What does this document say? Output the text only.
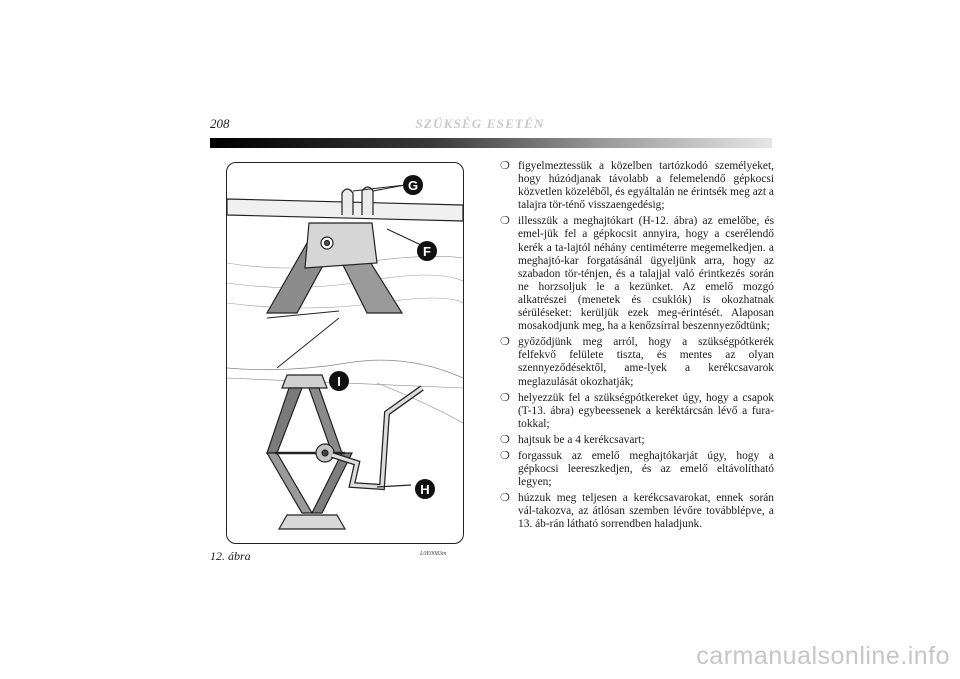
208	SZÜKSÉG ESETÉN
G
F
I
H
12. ábra	L0E0083m
❍ figyelmeztessük a közelben tartózkodó személyeket, hogy húzódjanak távolabb a felemelendő gépkocsi közvetlen közeléből, és egyáltalán ne érintsék meg azt a talajra tör-ténő visszaengedésig;
❍ illesszük a meghajtókart (H-12. ábra) az emelőbe, és emel-jük fel a gépkocsit annyira, hogy a cserélendő kerék a ta-lajtól néhány centiméterre megemelkedjen. a meghajtó-kar forgatásánál ügyeljünk arra, hogy az szabadon tör-ténjen, és a talajjal való érintkezés során ne horzsoljuk le a kezünket. Az emelő mozgó alkatrészei (menetek és csuklók) is okozhatnak sérüléseket: kerüljük ezek meg-érintését. Alaposan mosakodjunk meg, ha a kenőzsírral beszennyeződtünk;
❍ győződjünk meg arról, hogy a szükségpótkerék felfekvő felülete tiszta, és mentes az olyan szennyeződésektől, ame-lyek a kerékcsavarok meglazulását okozhatják;
❍ helyezzük fel a szükségpótkereket úgy, hogy a csapok (T-13. ábra) egybeessenek a keréktárcsán lévő a fura-tokkal;
❍ hajtsuk be a 4 kerékcsavart;
❍ forgassuk az emelő meghajtókarját úgy, hogy a gépkocsi leereszkedjen, és az emelő eltávolítható legyen;
❍ húzzuk meg teljesen a kerékcsavarokat, ennek során vál-takozva, az átlósan szemben lévőre továbblépve, a 13. áb-rán látható sorrendben haladjunk.
carmanualsonline.info
